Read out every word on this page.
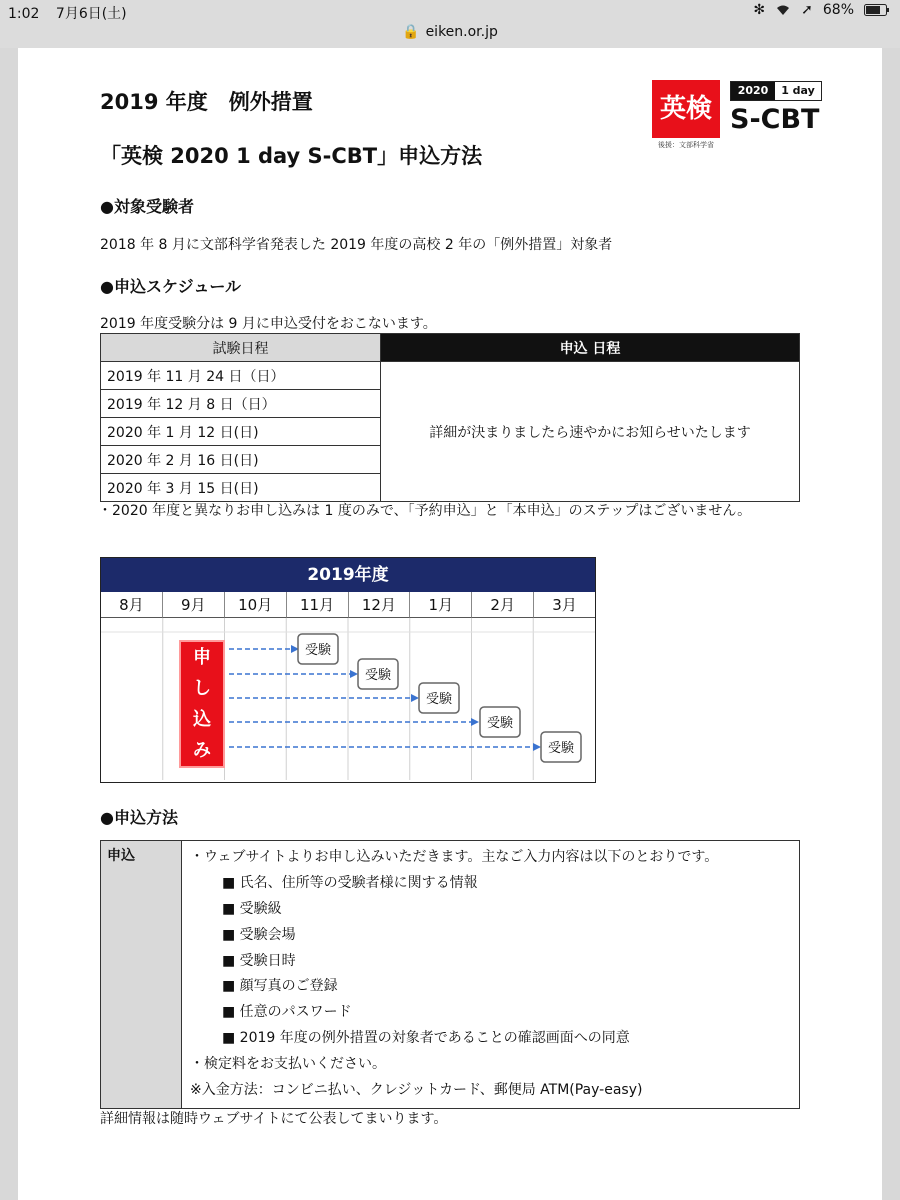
1:02 7月6日(土)	✻	➚ 68%
🔒 eiken.or.jp
2019 年度　例外措置
「英検 2020 1 day S-CBT」申込方法
英検
後援：文部科学省
2020	1 day
S-CBT
●対象受験者
2018 年 8 月に文部科学省発表した 2019 年度の高校 2 年の「例外措置」対象者
●申込スケジュール
2019 年度受験分は 9 月に申込受付をおこないます。
試験日程	申込 日程
2019 年 11 月 24 日（日）	詳細が決まりましたら速やかにお知らせいたします
2019 年 12 月 8 日（日）	
2020 年 1 月 12 日(日)	
2020 年 2 月 16 日(日)	
2020 年 3 月 15 日(日)	
・2020 年度と異なりお申し込みは 1 度のみで、「予約申込」と「本申込」のステップはございません。
2019年度
8月	9月	10月	11月	12月	1月	2月	3月
受験
受験
受験
受験
受験
申
し
込
み
●申込方法
申込	・ウェブサイトよりお申し込みいただきます。主なご入力内容は以下のとおりです。
■ 氏名、住所等の受験者様に関する情報
■ 受験級
■ 受験会場
■ 受験日時
■ 顔写真のご登録
■ 任意のパスワード
■ 2019 年度の例外措置の対象者であることの確認画面への同意
・検定料をお支払いください。
※入金方法：コンビニ払い、クレジットカード、郵便局 ATM(Pay-easy)
詳細情報は随時ウェブサイトにて公表してまいります。
